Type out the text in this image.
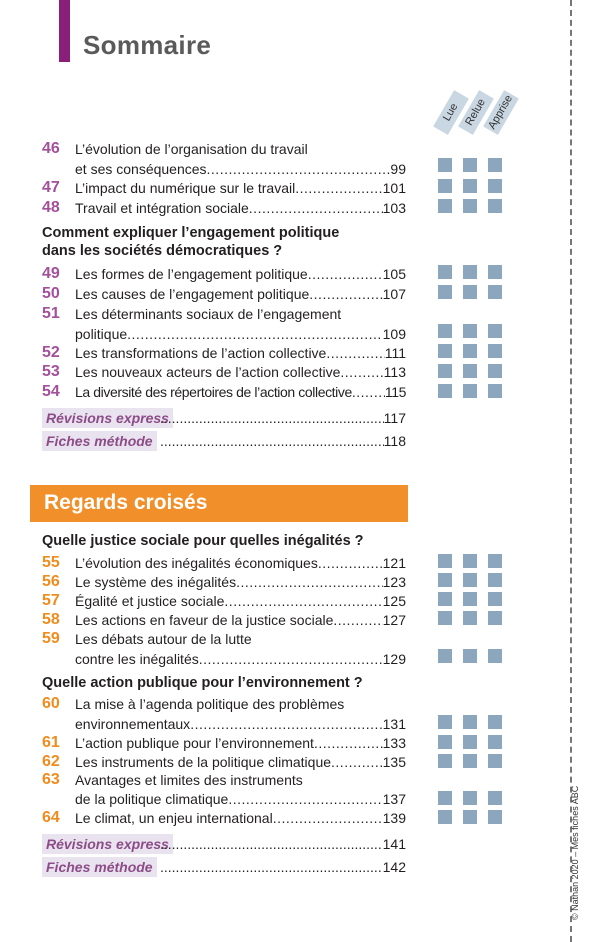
Sommaire
Lue Relue
Apprise
46 L’évolution de l’organisation du travail
et ses conséquences .....	99
47 L’impact du numérique sur le travail .....	101
48 Travail et intégration sociale .....	103
Comment expliquer l’engagement politique
dans les sociétés démocratiques ?
49 Les formes de l’engagement politique .....	105
50 Les causes de l’engagement politique .....	107
51 Les déterminants sociaux de l’engagement
politique .....	109
52 Les transformations de l’action collective .....	111
53 Les nouveaux acteurs de l’action collective .....	113
54 La diversité des répertoires de l’action collective ..... 115
Révisions express .....	117
Fiches méthode .....	118
Regards croisés
Quelle justice sociale pour quelles inégalités ?
55 L’évolution des inégalités économiques .....	121
56 Le système des inégalités .....	123
57 Égalité et justice sociale .....	125
58 Les actions en faveur de la justice sociale .....	127
59 Les débats autour de la lutte
contre les inégalités .....	129
Quelle action publique pour l’environnement ?
60 La mise à l’agenda politique des problèmes
environnementaux .....	131
61 L’action publique pour l’environnement .....	133
62 Les instruments de la politique climatique .....	135
63 Avantages et limites des instruments
de la politique climatique .....	137
64 Le climat, un enjeu international .....	139
Révisions express .....	141
Fiches méthode .....	142	© Nathan 2020 – Mes fiches ABC
